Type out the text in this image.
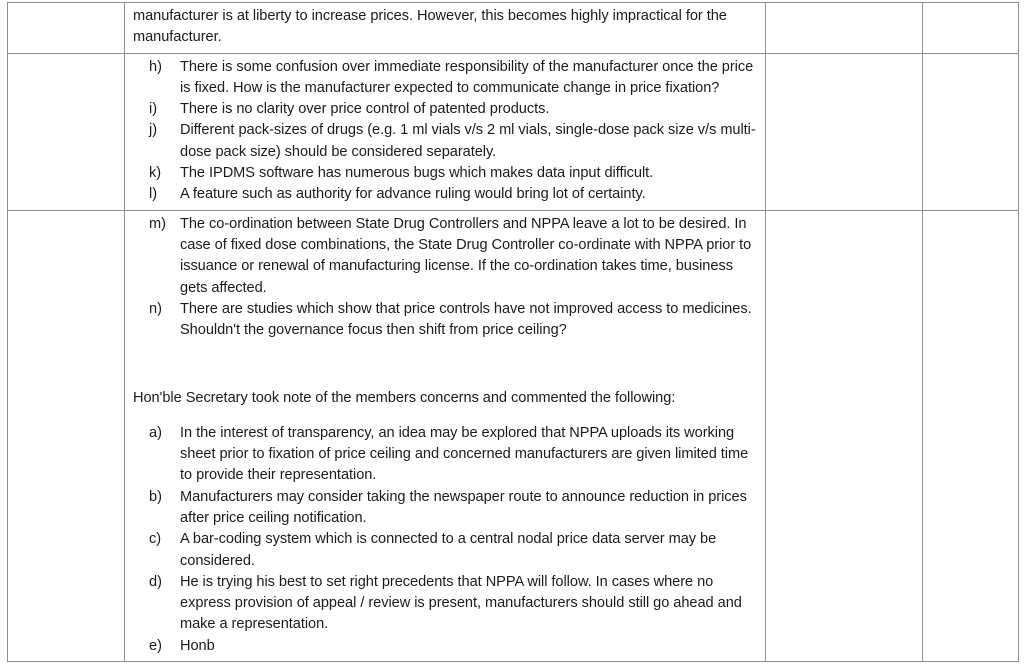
	manufacturer is at liberty to increase prices. However, this becomes highly impractical for the manufacturer.		

h)	There is some confusion over immediate responsibility of the manufacturer once the price is fixed. How is the manufacturer expected to communicate change in price fixation?
i)	There is no clarity over price control of patented products.
j)	Different pack-sizes of drugs (e.g. 1 ml vials v/s 2 ml vials, single-dose pack size v/s multi-dose pack size) should be considered separately.
k)	The IPDMS software has numerous bugs which makes data input difficult.
l)	A feature such as authority for advance ruling would bring lot of certainty.

m) The co-ordination between State Drug Controllers and NPPA leave a lot to be desired. In case of fixed dose combinations, the State Drug Controller co-ordinate with NPPA prior to issuance or renewal of manufacturing license. If the co-ordination takes time, business gets affected.
n)	There are studies which show that price controls have not improved access to medicines. Shouldn't the governance focus then shift from price ceiling?

Hon'ble Secretary took note of the members concerns and commented the following:

a)	In the interest of transparency, an idea may be explored that NPPA uploads its working sheet prior to fixation of price ceiling and concerned manufacturers are given limited time to provide their representation.
b)	Manufacturers may consider taking the newspaper route to announce reduction in prices after price ceiling notification.
c)	A bar-coding system which is connected to a central nodal price data server may be considered.
d)	He is trying his best to set right precedents that NPPA will follow. In cases where no express provision of appeal / review is present, manufacturers should still go ahead and make a representation.
e)	Honb
